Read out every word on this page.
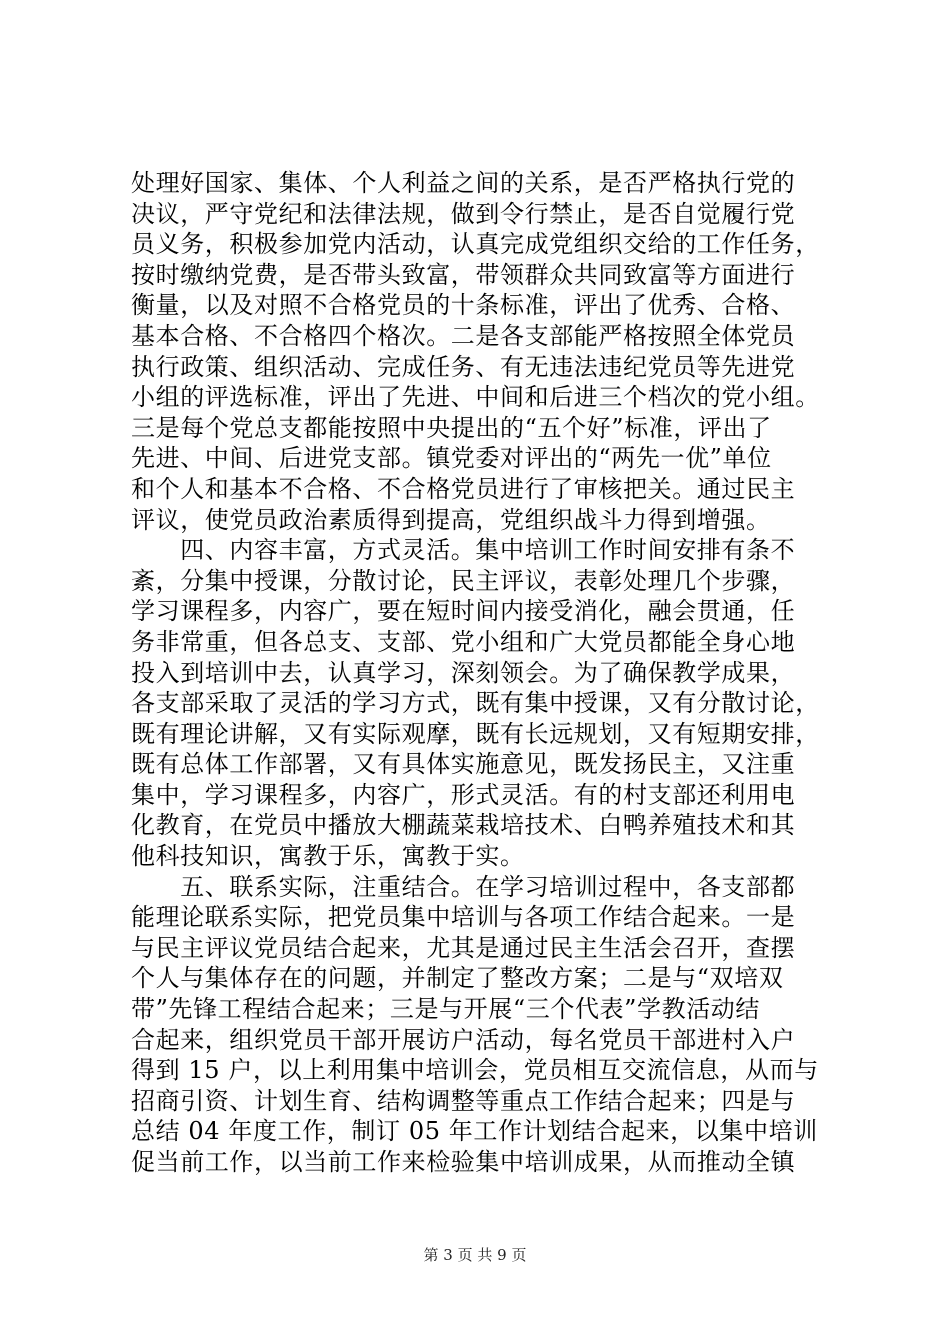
处理好国家、集体、个人利益之间的关系，是否严格执行党的
决议，严守党纪和法律法规，做到令行禁止，是否自觉履行党
员义务，积极参加党内活动，认真完成党组织交给的工作任务，
按时缴纳党费，是否带头致富，带领群众共同致富等方面进行
衡量，以及对照不合格党员的十条标准，评出了优秀、合格、
基本合格、不合格四个格次。二是各支部能严格按照全体党员
执行政策、组织活动、完成任务、有无违法违纪党员等先进党
小组的评选标准，评出了先进、中间和后进三个档次的党小组。
三是每个党总支都能按照中央提出的“五个好”标准，评出了
先进、中间、后进党支部。镇党委对评出的“两先一优”单位
和个人和基本不合格、不合格党员进行了审核把关。通过民主
评议，使党员政治素质得到提高，党组织战斗力得到增强。
　　四、内容丰富，方式灵活。集中培训工作时间安排有条不
紊，分集中授课，分散讨论，民主评议，表彰处理几个步骤，
学习课程多，内容广，要在短时间内接受消化，融会贯通，任
务非常重，但各总支、支部、党小组和广大党员都能全身心地
投入到培训中去，认真学习，深刻领会。为了确保教学成果，
各支部采取了灵活的学习方式，既有集中授课，又有分散讨论，
既有理论讲解，又有实际观摩，既有长远规划，又有短期安排，
既有总体工作部署，又有具体实施意见，既发扬民主，又注重
集中，学习课程多，内容广，形式灵活。有的村支部还利用电
化教育，在党员中播放大棚蔬菜栽培技术、白鸭养殖技术和其
他科技知识，寓教于乐，寓教于实。
　　五、联系实际，注重结合。在学习培训过程中，各支部都
能理论联系实际，把党员集中培训与各项工作结合起来。一是
与民主评议党员结合起来，尤其是通过民主生活会召开，查摆
个人与集体存在的问题，并制定了整改方案；二是与“双培双
带”先锋工程结合起来；三是与开展“三个代表”学教活动结
合起来，组织党员干部开展访户活动，每名党员干部进村入户
得到 15 户，以上利用集中培训会，党员相互交流信息，从而与
招商引资、计划生育、结构调整等重点工作结合起来；四是与
总结 04 年度工作，制订 05 年工作计划结合起来，以集中培训
促当前工作，以当前工作来检验集中培训成果，从而推动全镇
第 3 页 共 9 页
